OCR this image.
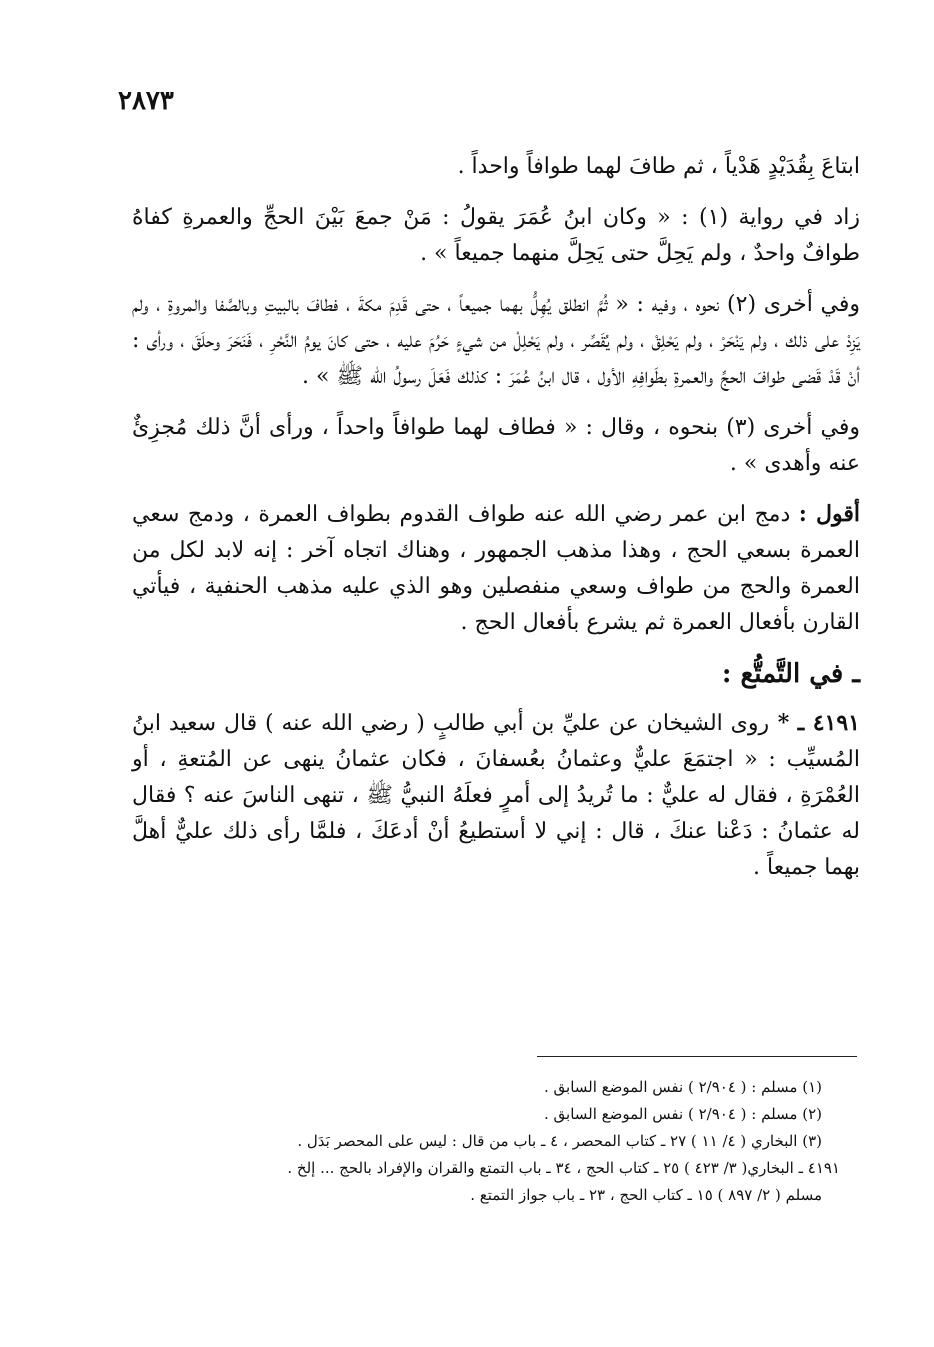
٢٨٧٣

ابتاعَ بِقُدَيْدٍ هَدْياً ، ثم طافَ لهما طوافاً واحداً .

زاد في رواية (١) : « وكان ابنُ عُمَرَ يقولُ : مَنْ جمعَ بَيْنَ الحجِّ والعمرةِ كفاهُ طوافٌ واحدٌ ، ولم يَحِلَّ حتى يَحِلَّ منهما جميعاً » .

وفي أخرى (٢) نحوه ، وفيه : « ثُمَّ انطلق يُهِلُّ بهما جميعاً ، حتى قَدِمَ مكةَ ، فطافَ بالبيتِ وبالصَّفا والمروةِ ، ولم يَزِدْ على ذلك ، ولم يَنْحَرْ ، ولم يَحْلِقْ ، ولم يُقَصِّر ، ولم يَحْلِلْ من شيءٍ حَرُمَ عليه ، حتى كانَ يومُ النَّحْرِ ، فَنَحَرَ وحلَقَ ، ورأى : أنْ قَدْ قَضى طوافَ الحجِّ والعمرةِ بطَوافِهِ الأول ، قال ابنُ عُمَرَ : كذلك فَعَلَ رسولُ الله ﷺ » .

وفي أخرى (٣) بنحوه ، وقال : « فطاف لهما طوافاً واحداً ، ورأى أنَّ ذلك مُجزِئٌ عنه وأهدى » .

أقول : دمج ابن عمر رضي الله عنه طواف القدوم بطواف العمرة ، ودمج سعي العمرة بسعي الحج ، وهذا مذهب الجمهور ، وهناك اتجاه آخر : إنه لابد لكل من العمرة والحج من طواف وسعي منفصلين وهو الذي عليه مذهب الحنفية ، فيأتي القارن بأفعال العمرة ثم يشرع بأفعال الحج .

ـ في التَّمتُّع :

٤١٩١ ـ * روى الشيخان عن عليِّ بن أبي طالبٍ ( رضي الله عنه ) قال سعيد ابنُ المُسيِّب : « اجتمَعَ عليٌّ وعثمانُ بعُسفانَ ، فكان عثمانُ ينهى عن المُتعةِ ، أو العُمْرَةِ ، فقال له عليٌّ : ما تُريدُ إلى أمرٍ فعلَهُ النبيُّ ﷺ ، تنهى الناسَ عنه ؟ فقال له عثمانُ : دَعْنا عنكَ ، قال : إني لا أستطيعُ أنْ أدعَكَ ، فلمَّا رأى ذلك عليٌّ أهلَّ بهما جميعاً .

(١) مسلم : ( ٢/٩٠٤ ) نفس الموضع السابق .

(٢) مسلم : ( ٢/٩٠٤ ) نفس الموضع السابق .

(٣) البخاري ( ٤/ ١١ ) ٢٧ ـ كتاب المحصر ، ٤ ـ باب من قال : ليس على المحصر بَدَل .

٤١٩١ ـ البخاري( ٣/ ٤٢٣ ) ٢٥ ـ كتاب الحج ، ٣٤ ـ باب التمتع والقران والإفراد بالحج ... إلخ .

مسلم ( ٢/ ٨٩٧ ) ١٥ ـ كتاب الحج ، ٢٣ ـ باب جواز التمتع .
